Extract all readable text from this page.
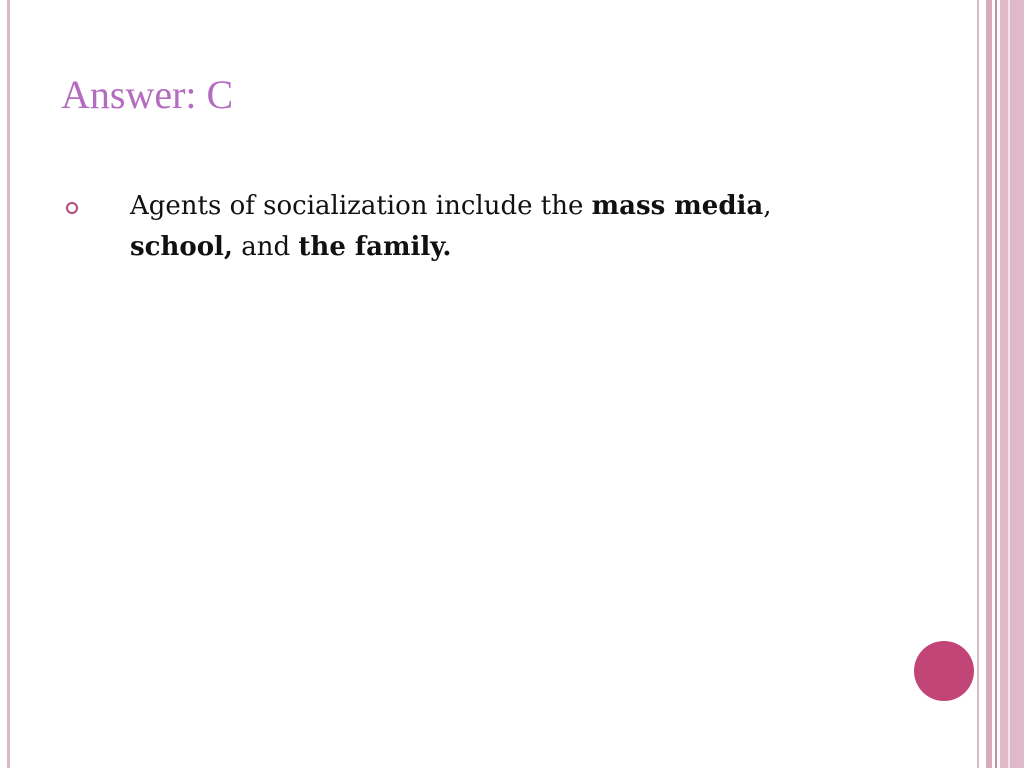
Answer: C
Agents of socialization include the mass media, school, and the family.
